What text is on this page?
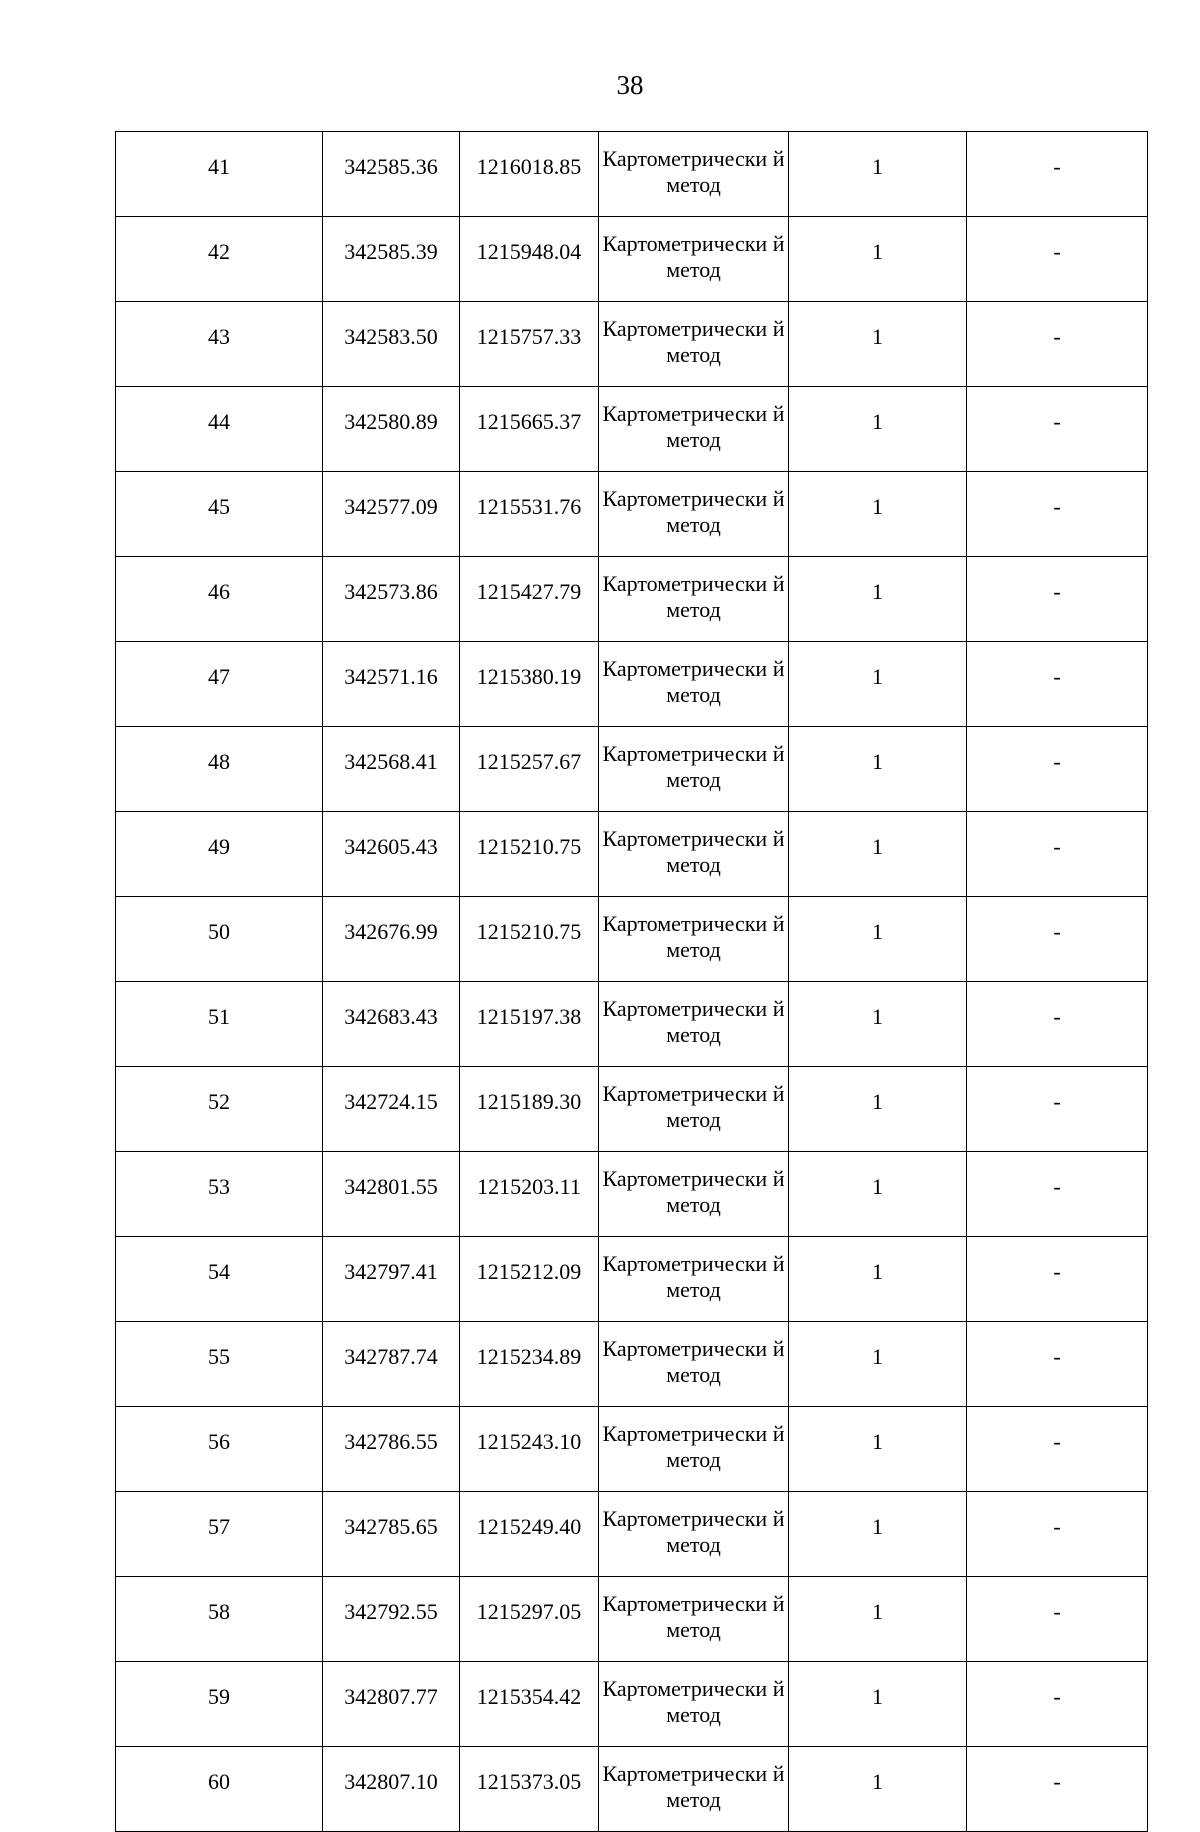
38
41	342585.36	1216018.85	Картометрически й метод	1	-
42	342585.39	1215948.04	Картометрически й метод	1	-
43	342583.50	1215757.33	Картометрически й метод	1	-
44	342580.89	1215665.37	Картометрически й метод	1	-
45	342577.09	1215531.76	Картометрически й метод	1	-
46	342573.86	1215427.79	Картометрически й метод	1	-
47	342571.16	1215380.19	Картометрически й метод	1	-
48	342568.41	1215257.67	Картометрически й метод	1	-
49	342605.43	1215210.75	Картометрически й метод	1	-
50	342676.99	1215210.75	Картометрически й метод	1	-
51	342683.43	1215197.38	Картометрически й метод	1	-
52	342724.15	1215189.30	Картометрически й метод	1	-
53	342801.55	1215203.11	Картометрически й метод	1	-
54	342797.41	1215212.09	Картометрически й метод	1	-
55	342787.74	1215234.89	Картометрически й метод	1	-
56	342786.55	1215243.10	Картометрически й метод	1	-
57	342785.65	1215249.40	Картометрически й метод	1	-
58	342792.55	1215297.05	Картометрически й метод	1	-
59	342807.77	1215354.42	Картометрически й метод	1	-
60	342807.10	1215373.05	Картометрически й метод	1	-
